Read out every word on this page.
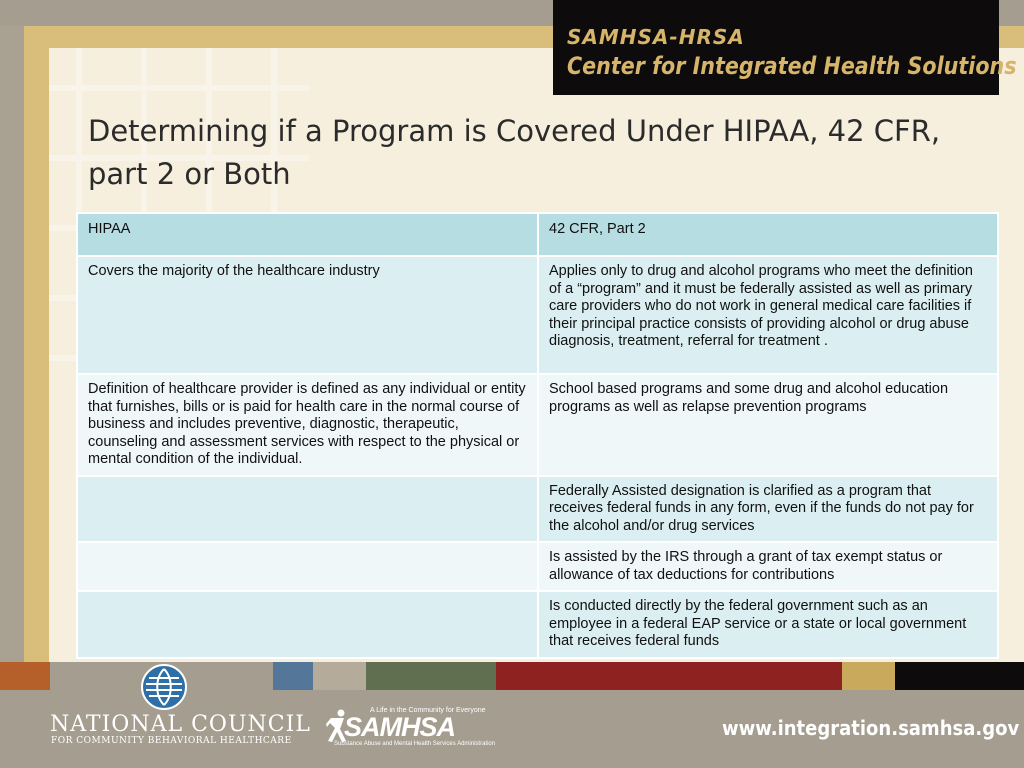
SAMHSA-HRSA
Center for Integrated Health Solutions
Determining if a Program is Covered Under HIPAA, 42 CFR, part 2 or Both
HIPAA	42 CFR, Part 2
Covers the majority of the healthcare industry	Applies only to drug and alcohol programs who meet the definition of a “program” and it must be federally assisted as well as primary care providers who do not work in general medical care facilities if their principal practice consists of providing alcohol or drug abuse diagnosis, treatment, referral for treatment .
Definition of healthcare provider is defined as any individual or entity that furnishes, bills or is paid for health care in the normal course of business and includes preventive, diagnostic, therapeutic, counseling and assessment services with respect to the physical or mental condition of the individual.	School based programs and some drug and alcohol education programs as well as relapse prevention programs
	Federally Assisted designation is clarified as a program that receives federal funds in any form, even if the funds do not pay for the alcohol and/or drug services
	Is assisted by the IRS through a grant of tax exempt status or allowance of tax deductions for contributions
	Is conducted directly by the federal government such as an employee in a federal EAP service or a state or local government that receives federal funds
NATIONAL COUNCIL
FOR COMMUNITY BEHAVIORAL HEALTHCARE
A Life in the Community for Everyone
SAMHSA
Substance Abuse and Mental Health Services Administration
www.integration.samhsa.gov
